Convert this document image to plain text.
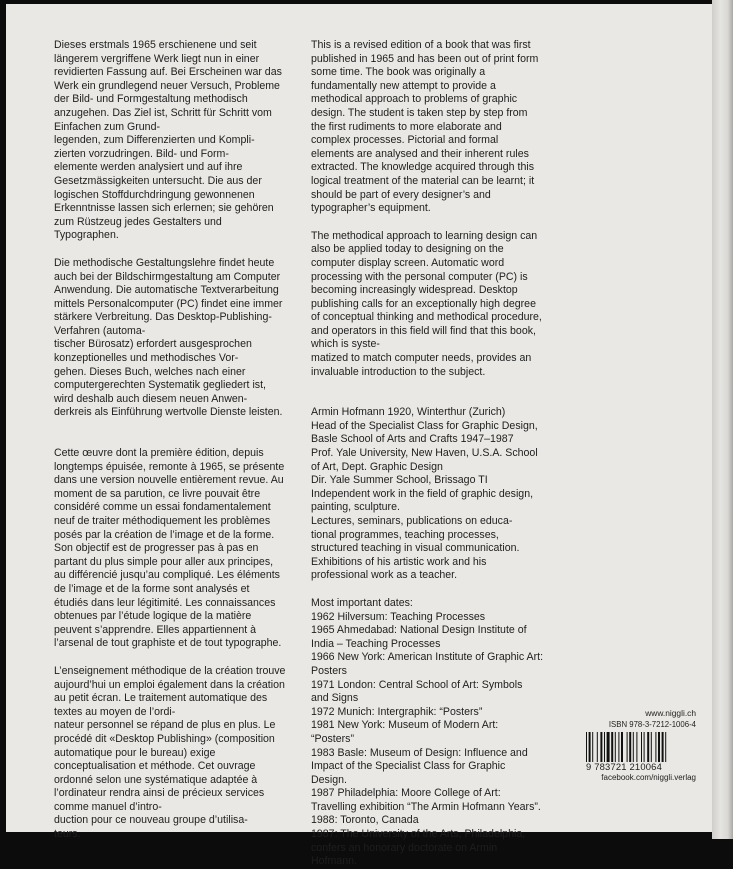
Dieses erstmals 1965 erschienene und seit längerem vergriffene Werk liegt nun in einer revidierten Fassung auf. Bei Erscheinen war das Werk ein grundlegend neuer Versuch, Probleme der Bild- und Formgestaltung methodisch anzugehen. Das Ziel ist, Schritt für Schritt vom Einfachen zum Grund-
legenden, zum Differenzierten und Kompli-
zierten vorzudringen. Bild- und Form-
elemente werden analysiert und auf ihre Gesetzmässigkeiten untersucht. Die aus der logischen Stoffdurchdringung gewonnenen Erkenntnisse lassen sich erlernen; sie gehören zum Rüstzeug jedes Gestalters und Typographen.

Die methodische Gestaltungslehre findet heute auch bei der Bildschirmgestaltung am Computer Anwendung. Die automatische Textverarbeitung mittels Personalcomputer (PC) findet eine immer stärkere Verbreitung. Das Desktop-Publishing-Verfahren (automa-
tischer Bürosatz) erfordert ausgesprochen konzeptionelles und methodisches Vor-
gehen. Dieses Buch, welches nach einer computergerechten Systematik gegliedert ist, wird deshalb auch diesem neuen Anwen-
derkreis als Einführung wertvolle Dienste leisten.

Cette œuvre dont la première édition, depuis longtemps épuisée, remonte à 1965, se présente dans une version nouvelle entièrement revue. Au moment de sa parution, ce livre pouvait être considéré comme un essai fondamentalement neuf de traiter méthodiquement les problèmes posés par la création de l’image et de la forme. Son objectif est de progresser pas à pas en partant du plus simple pour aller aux principes, au différencié jusqu’au compliqué. Les éléments de l’image et de la forme sont analysés et étudiés dans leur légitimité. Les connaissances obtenues par l’étude logique de la matière peuvent s’apprendre. Elles appartiennent à l’arsenal de tout graphiste et de tout typographe.

L’enseignement méthodique de la création trouve aujourd’hui un emploi également dans la création au petit écran. Le traitement automatique des textes au moyen de l’ordi-
nateur personnel se répand de plus en plus. Le procédé dit «Desktop Publishing» (composition automatique pour le bureau) exige conceptualisation et méthode. Cet ouvrage ordonné selon une systématique adaptée à l’ordinateur rendra ainsi de précieux services comme manuel d’intro-
duction pour ce nouveau groupe d’utilisa-
teurs.

This is a revised edition of a book that was first published in 1965 and has been out of print form some time. The book was originally a fundamentally new attempt to provide a methodical approach to problems of graphic design. The student is taken step by step from the first rudiments to more elaborate and complex processes. Pictorial and formal elements are analysed and their inherent rules extracted. The knowledge acquired through this logical treatment of the material can be learnt; it should be part of every designer’s and typographer’s equipment.

The methodical approach to learning design can also be applied today to designing on the computer display screen. Automatic word processing with the personal computer (PC) is becoming increasingly widespread. Desktop publishing calls for an exceptionally high degree of conceptual thinking and methodical procedure, and operators in this field will find that this book, which is syste-
matized to match computer needs, provides an invaluable introduction to the subject.

Armin Hofmann 1920, Winterthur (Zurich)
Head of the Specialist Class for Graphic Design, Basle School of Arts and Crafts 1947–1987
Prof. Yale University, New Haven, U.S.A. School of Art, Dept. Graphic Design
Dir. Yale Summer School, Brissago TI
Independent work in the field of graphic design, painting, sculpture.
Lectures, seminars, publications on educa-
tional programmes, teaching processes, structured teaching in visual communication. Exhibitions of his artistic work and his professional work as a teacher.

Most important dates:

1962 Hilversum: Teaching Processes

1965 Ahmedabad: National Design Institute of India – Teaching Processes

1966 New York: American Institute of Graphic Art: Posters

1971 London: Central School of Art: Symbols and Signs

1972 Munich: Intergraphik: “Posters”

1981 New York: Museum of Modern Art: “Posters”

1983 Basle: Museum of Design: Influence and Impact of the Specialist Class for Graphic Design.

1987 Philadelphia: Moore College of Art: Travelling exhibition “The Armin Hofmann Years”. 1988: Toronto, Canada

1987: The University of the Arts, Philadelphia, confers an honorary doctorate on Armin Hofmann.

www.niggli.ch
ISBN 978-3-7212-1006-4
9 783721 210064
facebook.com/niggli.verlag
